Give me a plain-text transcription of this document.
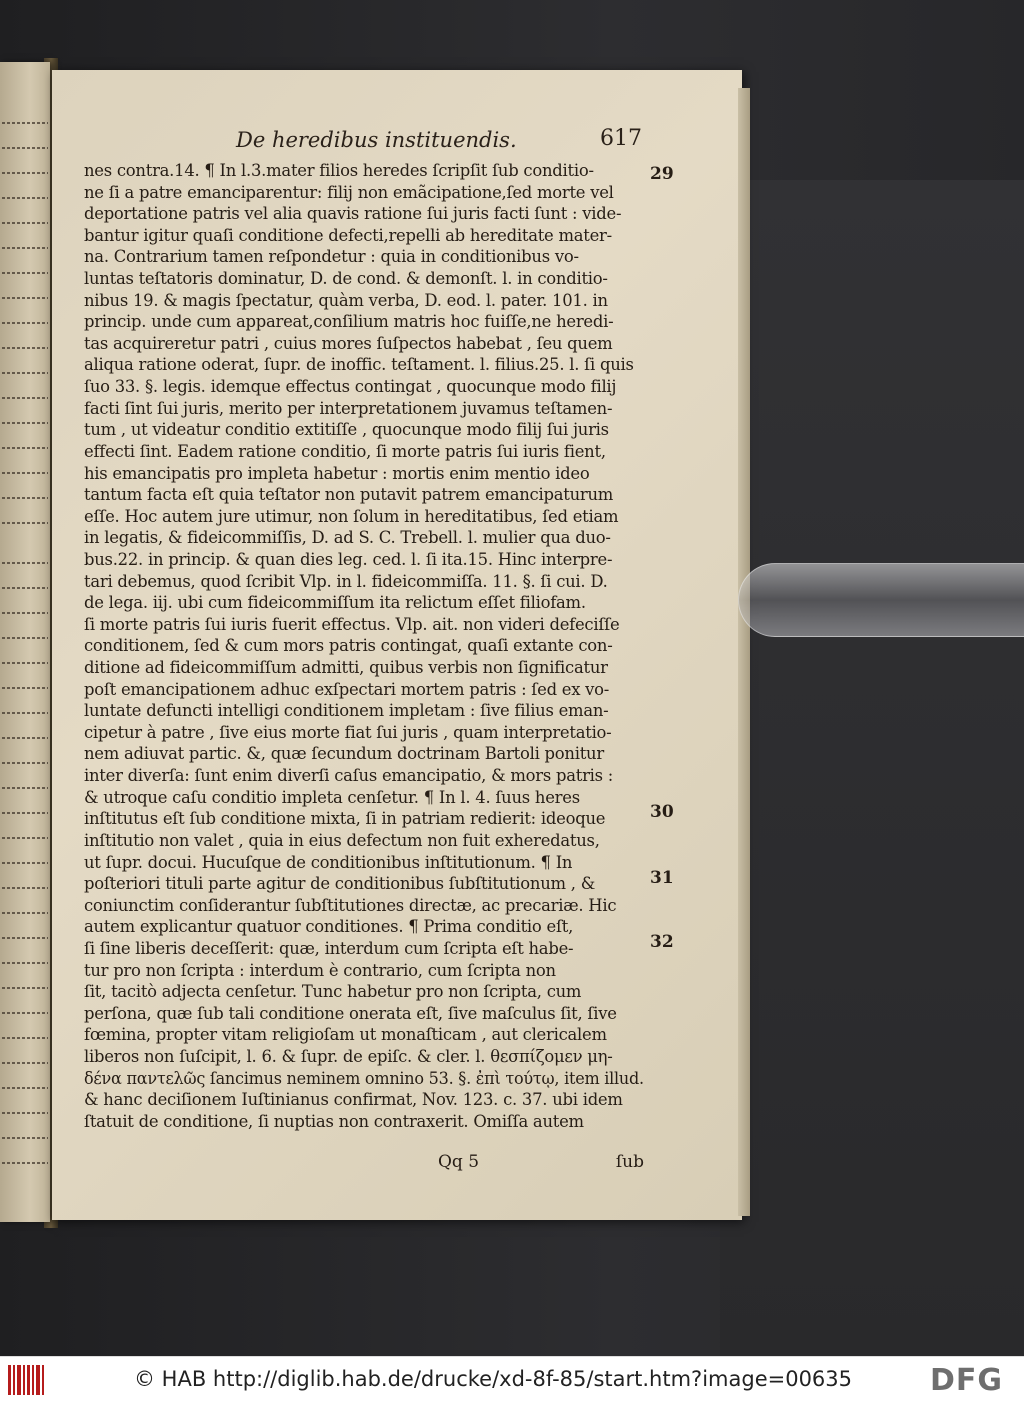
De heredibus instituendis.	617
nes contra.14. ¶ In l.3.mater filios heredes ſcripſit ſub conditio-
ne ſi a patre emanciparentur: filij non emãcipatione,ſed morte vel
deportatione patris vel alia quavis ratione ſui juris facti ſunt : vide-
bantur igitur quaſi conditione defecti,repelli ab hereditate mater-
na. Contrarium tamen reſpondetur : quia in conditionibus vo-
luntas teſtatoris dominatur, D. de cond. & demonſt. l. in conditio-
nibus 19. & magis ſpectatur, quàm verba, D. eod. l. pater. 101. in
princip. unde cum appareat,conſilium matris hoc fuiſſe,ne heredi-
tas acquireretur patri , cuius mores ſuſpectos habebat , ſeu quem
aliqua ratione oderat, ſupr. de inoffic. teſtament. l. filius.25. l. ſi quis
ſuo 33. §. legis. idemque effectus contingat , quocunque modo filij
facti ſint ſui juris, merito per interpretationem juvamus teſtamen-
tum , ut videatur conditio extitiſſe , quocunque modo filij ſui juris
effecti ſint. Eadem ratione conditio, ſi morte patris ſui iuris fient,
his emancipatis pro impleta habetur : mortis enim mentio ideo
tantum facta eſt quia teſtator non putavit patrem emancipaturum
eſſe. Hoc autem jure utimur, non ſolum in hereditatibus, ſed etiam
in legatis, & fideicommiſſis, D. ad S. C. Trebell. l. mulier qua duo-
bus.22. in princip. & quan dies leg. ced. l. ſi ita.15. Hinc interpre-
tari debemus, quod ſcribit Vlp. in l. fideicommiſſa. 11. §. ſi cui. D.
de lega. iij. ubi cum fideicommiſſum ita relictum eſſet filiofam.
ſi morte patris ſui iuris fuerit effectus. Vlp. ait. non videri defeciſſe
conditionem, ſed & cum mors patris contingat, quaſi extante con-
ditione ad fideicommiſſum admitti, quibus verbis non ſignificatur
poſt emancipationem adhuc exſpectari mortem patris : ſed ex vo-
luntate defuncti intelligi conditionem impletam : ſive filius eman-
cipetur à patre , ſive eius morte fiat ſui juris , quam interpretatio-
nem adiuvat partic. &, quæ ſecundum doctrinam Bartoli ponitur
inter diverſa: ſunt enim diverſi caſus emancipatio, & mors patris :
& utroque caſu conditio impleta cenſetur. ¶ In l. 4. ſuus heres
inſtitutus eſt ſub conditione mixta, ſi in patriam redierit: ideoque
inſtitutio non valet , quia in eius defectum non fuit exheredatus,
ut ſupr. docui. Hucuſque de conditionibus inſtitutionum. ¶ In
poſteriori tituli parte agitur de conditionibus ſubſtitutionum , &
coniunctim conſiderantur ſubſtitutiones directæ, ac precariæ. Hic
autem explicantur quatuor conditiones. ¶ Prima conditio eſt,
ſi ſine liberis deceſſerit: quæ, interdum cum ſcripta eſt habe-
tur pro non ſcripta : interdum è contrario, cum ſcripta non
ſit, tacitò adjecta cenſetur. Tunc habetur pro non ſcripta, cum
perſona, quæ ſub tali conditione onerata eſt, ſive maſculus ſit, ſive
fœmina, propter vitam religioſam ut monaſticam , aut clericalem
liberos non ſuſcipit, l. 6. & ſupr. de epiſc. & cler. l. θεσπίζομεν μη-
δένα παντελῶς ſancimus neminem omnino 53. §. ἐπὶ τούτῳ, item illud.
& hanc deciſionem Iuſtinianus confirmat, Nov. 123. c. 37. ubi idem
ſtatuit de conditione, ſi nuptias non contraxerit. Omiſſa autem
29
30
31
32
Qq 5	ſub
© HAB http://diglib.hab.de/drucke/xd-8f-85/start.htm?image=00635	DFG
